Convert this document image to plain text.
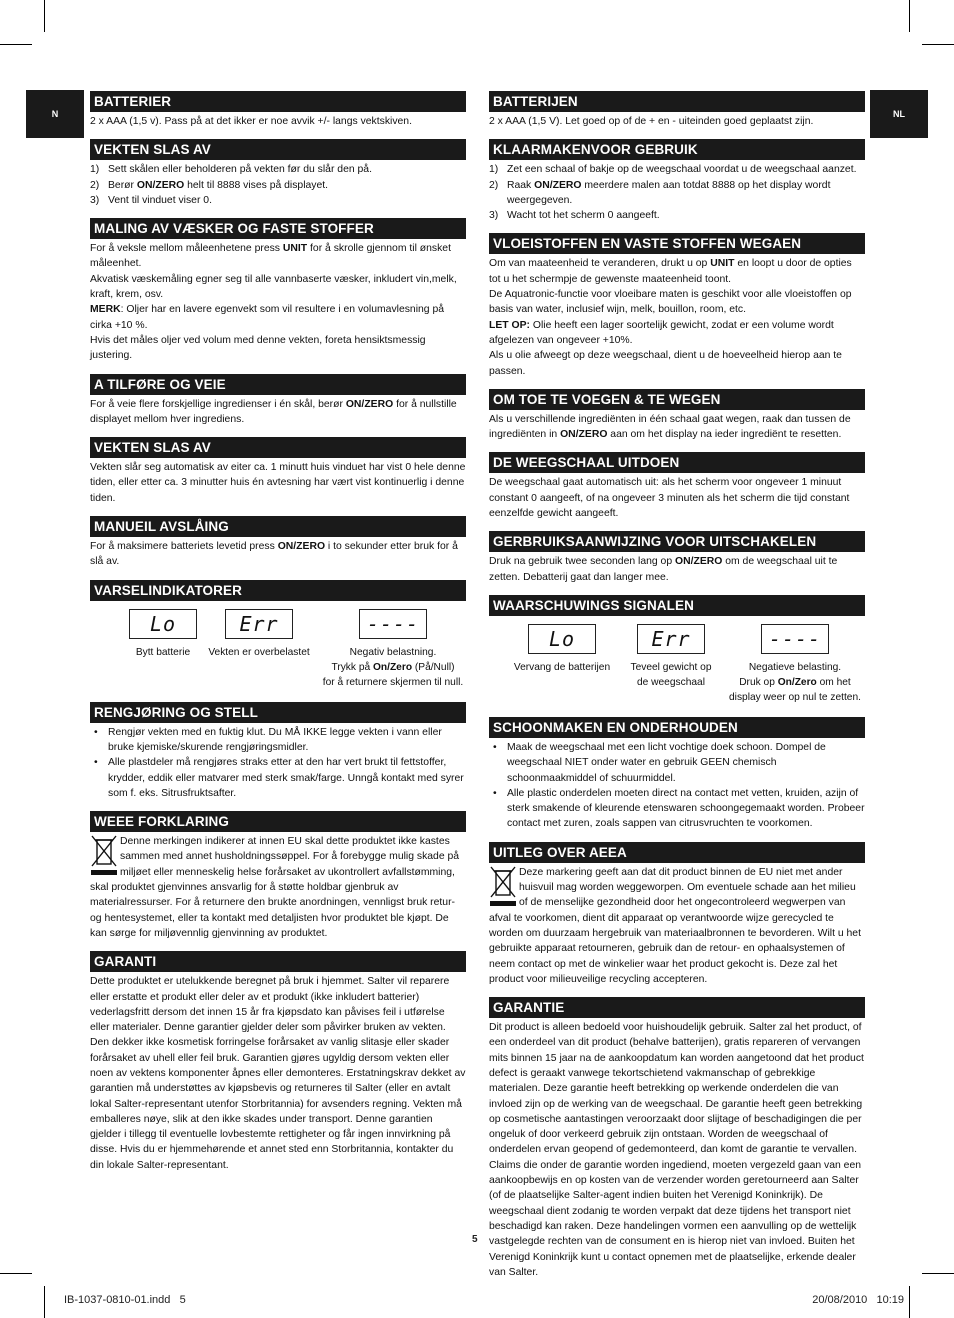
N	NL
BATTERIER

2 x AAA (1,5 v). Pass på at det ikker er noe avvik +/- langs vektskiven.

VEKTEN SLAS AV
1) Sett skålen eller beholderen på vekten før du slår den på.
2) Berør ON/ZERO helt til 8888 vises på displayet.
3) Vent til vinduet viser 0.
MALING AV VÆSKER OG FASTE STOFFER

For å veksle mellom måleenhetene press UNIT for å skrolle gjennom til ønsket måleenhet.

Akvatisk væskemåling egner seg til alle vannbaserte væsker, inkludert vin,melk, kraft, krem, osv.

MERK: Oljer har en lavere egenvekt som vil resultere i en volumavlesning på cirka +10 %.

Hvis det måles oljer ved volum med denne vekten, foreta hensiktsmessig justering.

A TILFØRE OG VEIE

For å veie flere forskjellige ingredienser i én skål, berør ON/ZERO for å nullstille displayet mellom hver ingrediens.

VEKTEN SLAS AV

Vekten slår seg automatisk av eiter ca. 1 minutt huis vinduet har vist 0 hele denne tiden, eller etter ca. 3 minutter huis én avtesning har vært vist kontinuerlig i denne tiden.

MANUEIL AVSLÅING

For å maksimere batteriets levetid press ON/ZERO i to sekunder etter bruk for å slå av.

VARSELINDIKATORER
Lo
Bytt batterie
Err
Vekten er overbelastet
----
Negativ belastning.
Trykk på On/Zero (På/Null)
for å returnere skjermen til null.
RENGJØRING OG STELL
• Rengjør vekten med en fuktig klut. Du MÅ IKKE legge vekten i vann eller bruke kjemiske/skurende rengjøringsmidler.
• Alle plastdeler må rengjøres straks etter at den har vert brukt til fettstoffer, krydder, eddik eller matvarer med sterk smak/farge. Unngå kontakt med syrer som f. eks. Sitrusfruktsafter.
WEEE FORKLARING

Denne merkingen indikerer at innen EU skal dette produktet ikke kastes sammen med annet husholdningssøppel. For å forebygge mulig skade på miljøet eller menneskelig helse forårsaket av ukontrollert avfallstømming, skal produktet gjenvinnes ansvarlig for å støtte holdbar gjenbruk av materialressurser. For å returnere den brukte anordningen, vennligst bruk retur- og hentesystemet, eller ta kontakt med detaljisten hvor produktet ble kjøpt. De kan sørge for miljøvennlig gjenvinning av produktet.

GARANTI

Dette produktet er utelukkende beregnet på bruk i hjemmet. Salter vil reparere eller erstatte et produkt eller deler av et produkt (ikke inkludert batterier) vederlagsfritt dersom det innen 15 år fra kjøpsdato kan påvises feil i utførelse eller materialer. Denne garantier gjelder deler som påvirker bruken av vekten. Den dekker ikke kosmetisk forringelse forårsaket av vanlig slitasje eller skader forårsaket av uhell eller feil bruk. Garantien gjøres ugyldig dersom vekten eller noen av vektens komponenter åpnes eller demonteres. Erstatningskrav dekket av garantien må understøttes av kjøpsbevis og returneres til Salter (eller en avtalt lokal Salter-representant utenfor Storbritannia) for avsenders regning. Vekten må emballeres nøye, slik at den ikke skades under transport. Denne garantien gjelder i tillegg til eventuelle lovbestemte rettigheter og får ingen innvirkning på disse. Hvis du er hjemmehørende et annet sted enn Storbritannia, kontakter du din lokale Salter-representant.

BATTERIJEN

2 x AAA (1,5 V). Let goed op of de + en - uiteinden goed geplaatst zijn.

KLAARMAKENVOOR GEBRUIK
1) Zet een schaal of bakje op de weegschaal voordat u de weegschaal aanzet.
2) Raak ON/ZERO meerdere malen aan totdat 8888 op het display wordt weergegeven.
3) Wacht tot het scherm 0 aangeeft.
VLOEISTOFFEN EN VASTE STOFFEN WEGAEN

Om van maateenheid te veranderen, drukt u op UNIT en loopt u door de opties tot u het schermpje de gewenste maateenheid toont.

De Aquatronic-functie voor vloeibare maten is geschikt voor alle vloeistoffen op basis van water, inclusief wijn, melk, bouillon, room, etc.

LET OP: Olie heeft een lager soortelijk gewicht, zodat er een volume wordt afgelezen van ongeveer +10%.

Als u olie afweegt op deze weegschaal, dient u de hoeveelheid hierop aan te passen.

OM TOE TE VOEGEN & TE WEGEN

Als u verschillende ingrediënten in één schaal gaat wegen, raak dan tussen de ingrediënten in ON/ZERO aan om het display na ieder ingrediënt te resetten.

DE WEEGSCHAAL UITDOEN

De weegschaal gaat automatisch uit: als het scherm voor ongeveer 1 minuut constant 0 aangeeft, of na ongeveer 3 minuten als het scherm die tijd constant eenzelfde gewicht aangeeft.

GERBRUIKSAANWIJZING VOOR UITSCHAKELEN

Druk na gebruik twee seconden lang op ON/ZERO om de weegschaal uit te zetten. Debatterij gaat dan langer mee.

WAARSCHUWINGS SIGNALEN
Lo
Vervang de batterijen
Err
Teveel gewicht op
de weegschaal
----
Negatieve belasting.
Druk op On/Zero om het
display weer op nul te zetten.
SCHOONMAKEN EN ONDERHOUDEN
• Maak de weegschaal met een licht vochtige doek schoon. Dompel de weegschaal NIET onder water en gebruik GEEN chemisch schoonmaakmiddel of schuurmiddel.
• Alle plastic onderdelen moeten direct na contact met vetten, kruiden, azijn of sterk smakende of kleurende etenswaren schoongegemaakt worden. Probeer contact met zuren, zoals sappen van citrusvruchten te voorkomen.
UITLEG OVER AEEA

Deze markering geeft aan dat dit product binnen de EU niet met ander huisvuil mag worden weggeworpen. Om eventuele schade aan het milieu of de menselijke gezondheid door het ongecontroleerd wegwerpen van afval te voorkomen, dient dit apparaat op verantwoorde wijze gerecycled te worden om duurzaam hergebruik van materiaalbronnen te bevorderen. Wilt u het gebruikte apparaat retourneren, gebruik dan de retour- en ophaalsystemen of neem contact op met de winkelier waar het product gekocht is. Deze zal het product voor milieuveilige recycling accepteren.

GARANTIE

Dit product is alleen bedoeld voor huishoudelijk gebruik. Salter zal het product, of een onderdeel van dit product (behalve batterijen), gratis repareren of vervangen mits binnen 15 jaar na de aankoopdatum kan worden aangetoond dat het product defect is geraakt vanwege tekortschietend vakmanschap of gebrekkige materialen. Deze garantie heeft betrekking op werkende onderdelen die van invloed zijn op de werking van de weegschaal. De garantie heeft geen betrekking op cosmetische aantastingen veroorzaakt door slijtage of beschadigingen die per ongeluk of door verkeerd gebruik zijn ontstaan. Worden de weegschaal of onderdelen ervan geopend of gedemonteerd, dan komt de garantie te vervallen. Claims die onder de garantie worden ingediend, moeten vergezeld gaan van een aankoopbewijs en op kosten van de verzender worden geretourneerd aan Salter (of de plaatselijke Salter-agent indien buiten het Verenigd Koninkrijk). De weegschaal dient zodanig te worden verpakt dat deze tijdens het transport niet beschadigd kan raken. Deze handelingen vormen een aanvulling op de wettelijk vastgelegde rechten van de consument en is hierop niet van invloed. Buiten het Verenigd Koninkrijk kunt u contact opnemen met de plaatselijke, erkende dealer van Salter.

5
IB-1037-0810-01.indd   5	20/08/2010   10:19
